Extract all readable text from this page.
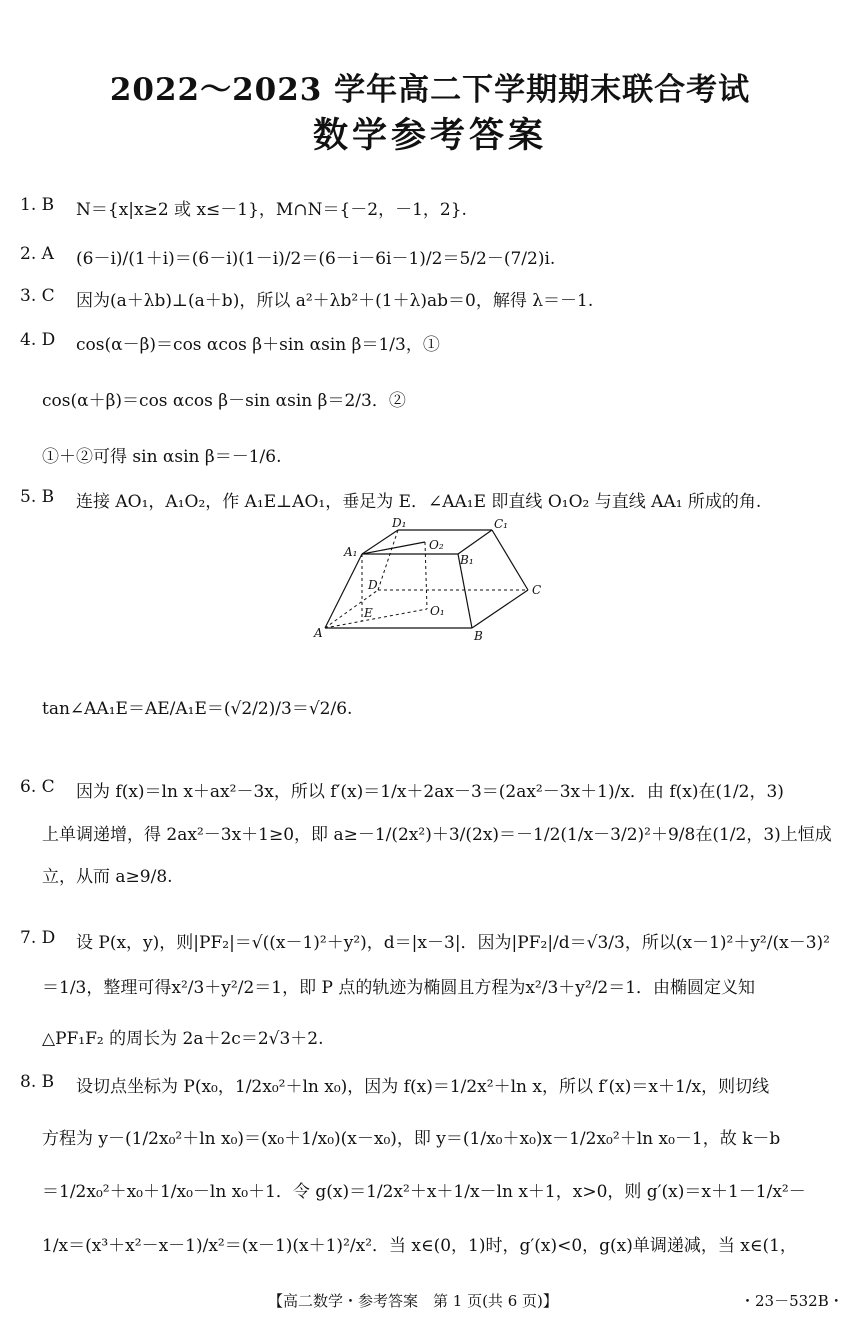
2022～2023 学年高二下学期期末联合考试
数学参考答案
1. B N＝{x|x≥2 或 x≤－1}，M∩N＝{－2，－1，2}.
2. A (6－i)/(1＋i)＝(6－i)(1－i)/2＝(6－i－6i－1)/2＝5/2－(7/2)i.
3. C 因为(a＋λb)⊥(a＋b)，所以 a²＋λb²＋(1＋λ)ab＝0，解得 λ＝－1.
4. D cos(α－β)＝cos αcos β＋sin αsin β＝1/3，①
cos(α＋β)＝cos αcos β－sin αsin β＝2/3．②
①＋②可得 sin αsin β＝－1/6.
5. B 连接 AO₁，A₁O₂，作 A₁E⊥AO₁，垂足为 E．∠AA₁E 即直线 O₁O₂ 与直线 AA₁ 所成的角.
A	B
C
D
A₁
B₁
C₁
D₁
O₁
O₂
E
tan∠AA₁E＝AE/A₁E＝(√2/2)/3＝√2/6.
6. C 因为 f(x)＝ln x＋ax²－3x，所以 f′(x)＝1/x＋2ax－3＝(2ax²－3x＋1)/x．由 f(x)在(1/2，3)
上单调递增，得 2ax²－3x＋1≥0，即 a≥－1/(2x²)＋3/(2x)＝－1/2(1/x－3/2)²＋9/8在(1/2，3)上恒成
立，从而 a≥9/8.
7. D 设 P(x，y)，则|PF₂|＝√((x－1)²＋y²)，d＝|x－3|．因为|PF₂|/d＝√3/3，所以(x－1)²＋y²/(x－3)²
＝1/3，整理可得x²/3＋y²/2＝1，即 P 点的轨迹为椭圆且方程为x²/3＋y²/2＝1．由椭圆定义知
△PF₁F₂ 的周长为 2a＋2c＝2√3＋2.
8. B 设切点坐标为 P(x₀，1/2x₀²＋ln x₀)，因为 f(x)＝1/2x²＋ln x，所以 f′(x)＝x＋1/x，则切线
方程为 y－(1/2x₀²＋ln x₀)＝(x₀＋1/x₀)(x－x₀)，即 y＝(1/x₀＋x₀)x－1/2x₀²＋ln x₀－1，故 k－b
＝1/2x₀²＋x₀＋1/x₀－ln x₀＋1．令 g(x)＝1/2x²＋x＋1/x－ln x＋1，x>0，则 g′(x)＝x＋1－1/x²－
1/x＝(x³＋x²－x－1)/x²＝(x－1)(x＋1)²/x²．当 x∈(0，1)时，g′(x)<0，g(x)单调递减，当 x∈(1，
【高二数学・参考答案　第 1 页(共 6 页)】	・23－532B・
